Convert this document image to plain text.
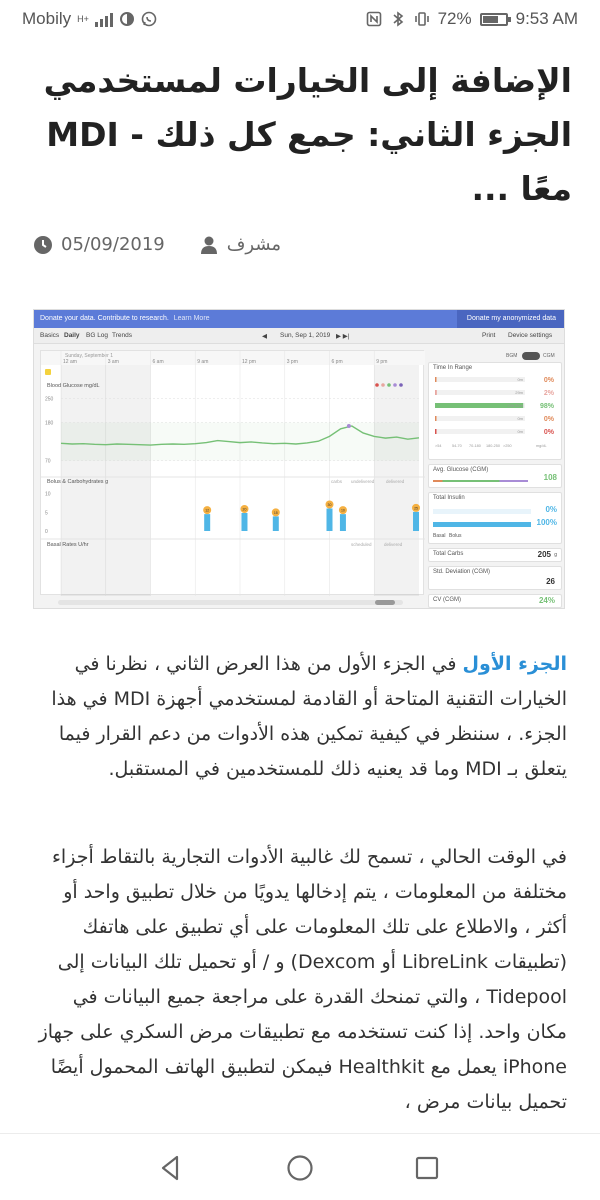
Mobily H+	72%	9:53 AM
الإضافة إلى الخيارات لمستخدمي الجزء الثاني: جمع كل ذلك - MDI معًا ...
05/09/2019	مشرف
Donate your data. Contribute to research. Learn More	Donate my anonymized data
Basics Daily BG Log Trends	◀ Sun, Sep 1, 2019 ▶ ▶|	Print Device settings
Sunday, September 1
12 am	3 am	6 am	9 am	12 pm	3 pm	6 pm	9 pm
Blood Glucose mg/dL
250
180
70
Bolus & Carbohydrates g	carbs undelivered	delivered
10
5
0
12	20
15
30
10
25
Basal Rates U/hr	scheduled	delivered
BGM	CGM
Time In Range
0m	0%
29m	2%
23h 32m 98%
0m	0%
0m	0%
>54	54-70 70-180 180-250 >250	mg/dL
Avg. Glucose (CGM)
108
Total Insulin
0%
100%
Basal Bolus
Total Carbs	205 g
Std. Deviation (CGM)
26
CV (CGM)	24%

الجزء الأول في الجزء الأول من هذا العرض الثاني ، نظرنا في الخيارات التقنية المتاحة أو القادمة لمستخدمي أجهزة MDI في هذا الجزء. ، سننظر في كيفية تمكين هذه الأدوات من دعم القرار فيما يتعلق بـ MDI وما قد يعنيه ذلك للمستخدمين في المستقبل.

في الوقت الحالي ، تسمح لك غالبية الأدوات التجارية بالتقاط أجزاء مختلفة من المعلومات ، يتم إدخالها يدويًا من خلال تطبيق واحد أو أكثر ، والاطلاع على تلك المعلومات على أي تطبيق على هاتفك (تطبيقات LibreLink أو Dexcom) و / أو تحميل تلك البيانات إلى Tidepool ، والتي تمنحك القدرة على مراجعة جميع البيانات في مكان واحد. إذا كنت تستخدمه مع تطبيقات مرض السكري على جهاز iPhone يعمل مع Healthkit فيمكن لتطبيق الهاتف المحمول أيضًا تحميل بيانات مرض ،
